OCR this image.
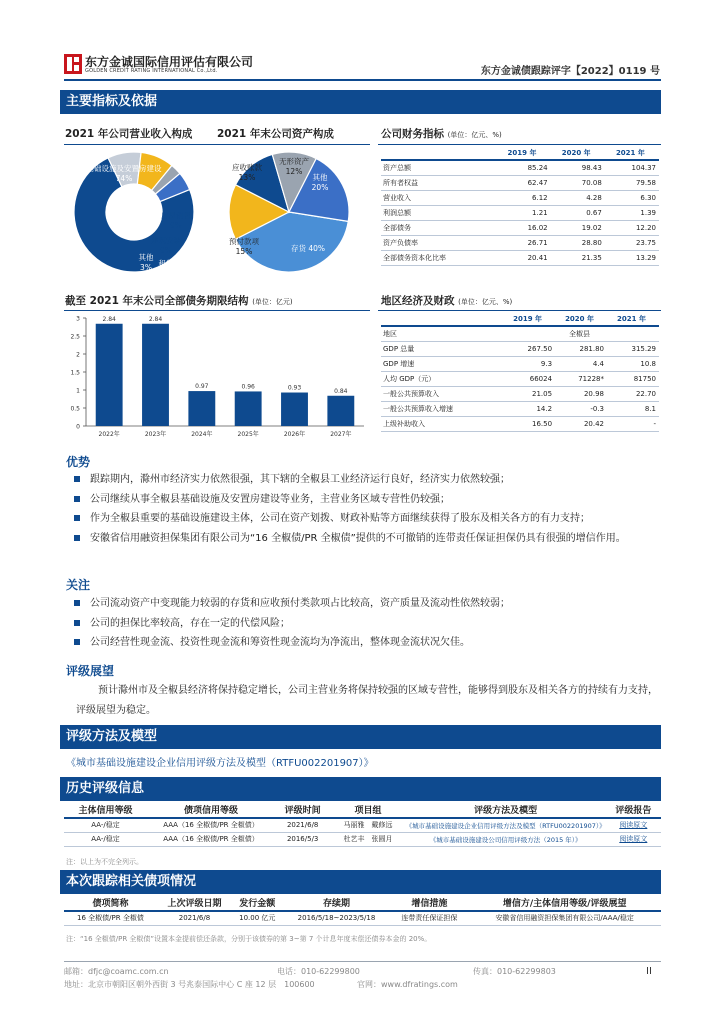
东方金诚国际信用评估有限公司
GOLDEN CREDIT RATING INTERNATIONAL Co.,Ltd.	东方金诚债跟踪评字【2022】0119 号
主要指标及依据
2021 年公司营业收入构成 2021 年末公司资产构成
基础设施及安置房建设
74%
房屋销售
9%
建筑安装
9%
其他
3% 租赁
5%
应收账款
13%
无形资产
12%
其他
20%
存货 40%
预付款项
15%
公司财务指标 (单位：亿元、%)
	2019 年	2020 年	2021 年
资产总额	85.24	98.43	104.37
所有者权益	62.47	70.08	79.58
营业收入	6.12	4.28	6.30
利润总额	1.21	0.67	1.39
全部债务	16.02	19.02	12.20
资产负债率	26.71	28.80	23.75
全部债务资本化比率	20.41	21.35	13.29
截至 2021 年末公司全部债务期限结构 (单位：亿元)
0
0.5
1
1.5
2
2.5
3	2.84
2022年
2.84
2023年
0.97
2024年
0.96
2025年
0.93
2026年
0.84
2027年
地区经济及财政 (单位：亿元、%)
	2019 年	2020 年	2021 年
地区	全椒县		
GDP 总量	267.50	281.80	315.29
GDP 增速	9.3	4.4	10.8
人均 GDP（元）	66024	71228*	81750
一般公共预算收入	21.05	20.98	22.70
一般公共预算收入增速	14.2	-0.3	8.1
上级补助收入	16.50	20.42	-
优势
跟踪期内，滁州市经济实力依然很强，其下辖的全椒县工业经济运行良好，经济实力依然较强；
公司继续从事全椒县基础设施及安置房建设等业务，主营业务区域专营性仍较强；
作为全椒县重要的基础设施建设主体，公司在资产划拨、财政补贴等方面继续获得了股东及相关各方的有力支持；
安徽省信用融资担保集团有限公司为“16 全椒债/PR 全椒债”提供的不可撤销的连带责任保证担保仍具有很强的增信作用。
关注
公司流动资产中变现能力较弱的存货和应收预付类款项占比较高，资产质量及流动性依然较弱；
公司的担保比率较高，存在一定的代偿风险；
公司经营性现金流、投资性现金流和筹资性现金流均为净流出，整体现金流状况欠佳。
评级展望
预计滁州市及全椒县经济将保持稳定增长，公司主营业务将保持较强的区域专营性，能够得到股东及相关各方的持续有力支持，评级展望为稳定。
评级方法及模型
《城市基础设施建设企业信用评级方法及模型（RTFU002201907）》
历史评级信息
主体信用等级	债项信用等级	评级时间	项目组	评级方法及模型	评级报告
AA-/稳定	AAA（16 全椒债/PR 全椒债）	2021/6/8	马丽雅　戴修远	《城市基础设施建设企业信用评级方法及模型（RTFU002201907）》	阅读原文
AA-/稳定	AAA（16 全椒债/PR 全椒债）	2016/5/3	杜艺丰　张圆月	《城市基础设施建设公司信用评级方法（2015 年）》	阅读原文
注：以上为不完全列示。
本次跟踪相关债项情况
债项简称	上次评级日期	发行金额	存续期	增信措施	增信方/主体信用等级/评级展望
16 全椒债/PR 全椒债	2021/6/8	10.00 亿元	2016/5/18~2023/5/18	连带责任保证担保	安徽省信用融资担保集团有限公司/AAA/稳定
注：“16 全椒债/PR 全椒债”设置本金提前偿还条款，分别于该债券的第 3~第 7 个计息年度末偿还债券本金的 20%。
邮箱：dfjc@coamc.com.cn	电话：010-62299800	传真：010-62299803
地址：北京市朝阳区朝外西街 3 号兆泰国际中心 C 座 12 层　100600	官网：www.dfratings.com
II
